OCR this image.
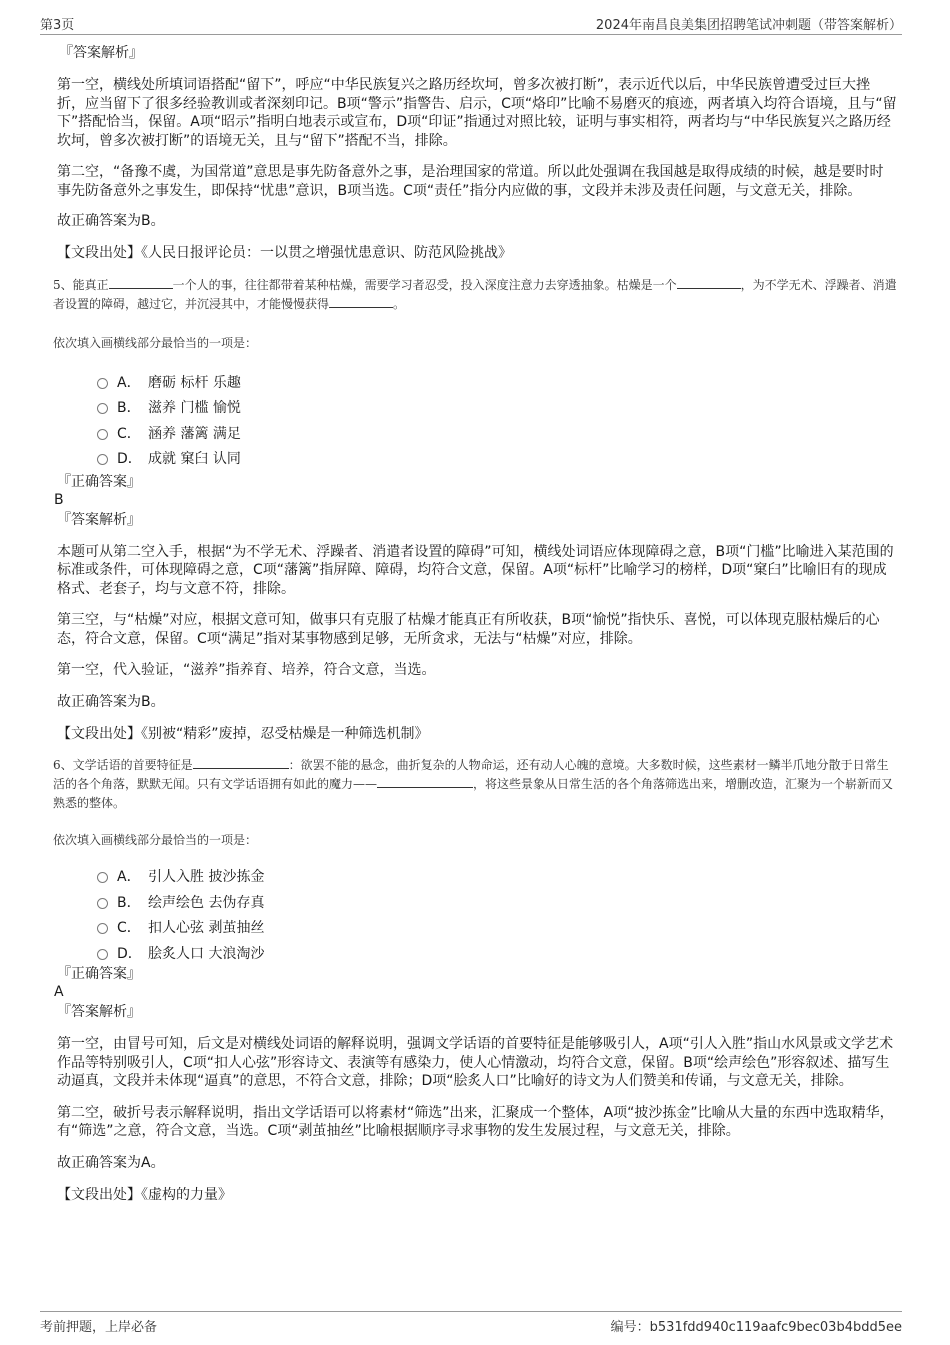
第3页	2024年南昌良美集团招聘笔试冲刺题（带答案解析）

『答案解析』

第一空，横线处所填词语搭配“留下”，呼应“中华民族复兴之路历经坎坷，曾多次被打断”，表示近代以后，中华民族曾遭受过巨大挫折，应当留下了很多经验教训或者深刻印记。B项“警示”指警告、启示，C项“烙印”比喻不易磨灭的痕迹，两者填入均符合语境，且与“留下”搭配恰当，保留。A项“昭示”指明白地表示或宣布，D项“印证”指通过对照比较，证明与事实相符，两者均与“中华民族复兴之路历经坎坷，曾多次被打断”的语境无关，且与“留下”搭配不当，排除。

第二空，“备豫不虞，为国常道”意思是事先防备意外之事，是治理国家的常道。所以此处强调在我国越是取得成绩的时候，越是要时时事先防备意外之事发生，即保持“忧患”意识，B项当选。C项“责任”指分内应做的事，文段并未涉及责任问题，与文意无关，排除。

故正确答案为B。

【文段出处】《人民日报评论员：一以贯之增强忧患意识、防范风险挑战》

5、能真正	一个人的事，往往都带着某种枯燥，需要学习者忍受，投入深度注意力去穿透抽象。枯燥是一个	，为不学无术、浮躁者、消遣者设置的障碍，越过它，并沉浸其中，才能慢慢获得	。

依次填入画横线部分最恰当的一项是：

A． 磨砺 标杆 乐趣
B． 滋养 门槛 愉悦
C． 涵养 藩篱 满足
D． 成就 窠臼 认同

『正确答案』

B

『答案解析』

本题可从第二空入手，根据“为不学无术、浮躁者、消遣者设置的障碍”可知，横线处词语应体现障碍之意，B项“门槛”比喻进入某范围的标准或条件，可体现障碍之意，C项“藩篱”指屏障、障碍，均符合文意，保留。A项“标杆”比喻学习的榜样，D项“窠臼”比喻旧有的现成格式、老套子，均与文意不符，排除。

第三空，与“枯燥”对应，根据文意可知，做事只有克服了枯燥才能真正有所收获，B项“愉悦”指快乐、喜悦，可以体现克服枯燥后的心态，符合文意，保留。C项“满足”指对某事物感到足够，无所贪求，无法与“枯燥”对应，排除。

第一空，代入验证，“滋养”指养育、培养，符合文意，当选。

故正确答案为B。

【文段出处】《别被“精彩”废掉，忍受枯燥是一种筛选机制》

6、文学话语的首要特征是	：欲罢不能的悬念，曲折复杂的人物命运，还有动人心魄的意境。大多数时候，这些素材一鳞半爪地分散于日常生活的各个角落，默默无闻。只有文学话语拥有如此的魔力——	，将这些景象从日常生活的各个角落筛选出来，增删改造，汇聚为一个崭新而又熟悉的整体。

依次填入画横线部分最恰当的一项是：

A． 引人入胜 披沙拣金
B． 绘声绘色 去伪存真
C． 扣人心弦 剥茧抽丝
D． 脍炙人口 大浪淘沙

『正确答案』

A

『答案解析』

第一空，由冒号可知，后文是对横线处词语的解释说明，强调文学话语的首要特征是能够吸引人，A项“引人入胜”指山水风景或文学艺术作品等特别吸引人，C项“扣人心弦”形容诗文、表演等有感染力，使人心情激动，均符合文意，保留。B项“绘声绘色”形容叙述、描写生动逼真，文段并未体现“逼真”的意思，不符合文意，排除；D项“脍炙人口”比喻好的诗文为人们赞美和传诵，与文意无关，排除。

第二空，破折号表示解释说明，指出文学话语可以将素材“筛选”出来，汇聚成一个整体，A项“披沙拣金”比喻从大量的东西中选取精华，有“筛选”之意，符合文意，当选。C项“剥茧抽丝”比喻根据顺序寻求事物的发生发展过程，与文意无关，排除。

故正确答案为A。

【文段出处】《虚构的力量》

考前押题，上岸必备	编号：b531fdd940c119aafc9bec03b4bdd5ee
